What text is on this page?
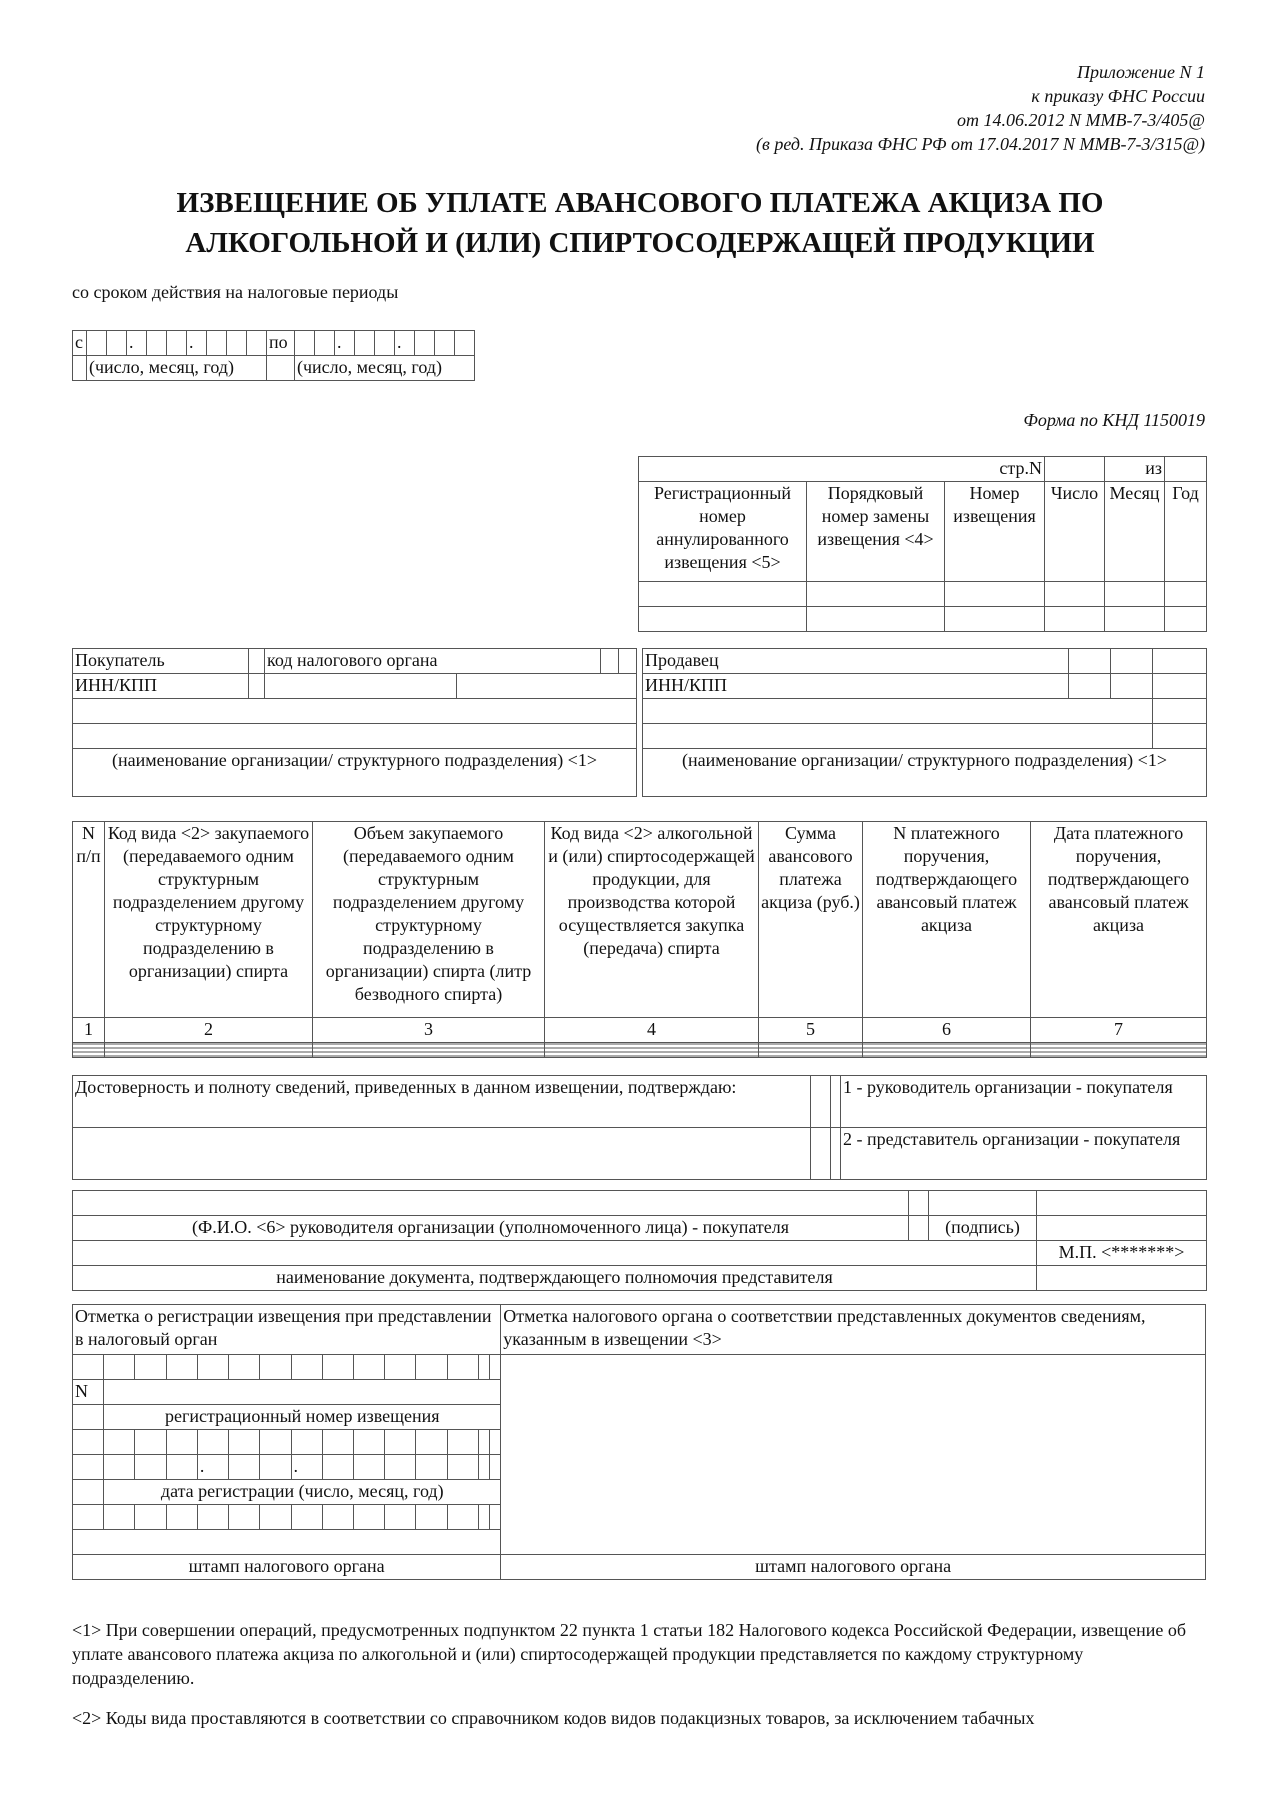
Приложение N 1
к приказу ФНС России
от 14.06.2012 N ММВ-7-3/405@
(в ред. Приказа ФНС РФ от 17.04.2017 N ММВ-7-3/315@)
ИЗВЕЩЕНИЕ ОБ УПЛАТЕ АВАНСОВОГО ПЛАТЕЖА АКЦИЗА ПО
АЛКОГОЛЬНОЙ И (ИЛИ) СПИРТОСОДЕРЖАЩЕЙ ПРОДУКЦИИ
со сроком действия на налоговые периоды
с			.			.				по			.			.			
	(число, месяц, год)										(число, месяц, год)								
Форма по КНД 1150019
стр.N				из	
Регистрационный номер аннулированного извещения <5>	Порядковый номер замены извещения <4>	Номер извещения	Число	Месяц	Год

Покупатель		код налогового органа			
ИНН/КПП					

(наименование организации/ структурного подразделения) <1>					
Продавец			
ИНН/КПП			

(наименование организации/ структурного подразделения) <1>			
N п/п	Код вида <2> закупаемого (передаваемого одним структурным подразделением другому структурному подразделению в организации) спирта	Объем закупаемого (передаваемого одним структурным подразделением другому структурному подразделению в организации) спирта (литр безводного спирта)	Код вида <2> алкогольной и (или) спиртосодержащей продукции, для производства которой осуществляется закупка (передача) спирта	Сумма авансового платежа акциза (руб.)	N платежного поручения, подтверждающего авансовый платеж акциза	Дата платежного поручения, подтверждающего авансовый платеж акциза
1	2	3	4	5	6	7

Достоверность и полноту сведений, приведенных в данном извещении, подтверждаю:			1 - руководитель организации - покупателя
			2 - представитель организации - покупателя

(Ф.И.О. <6> руководителя организации (уполномоченного лица) - покупателя		(подпись)	
			М.П. <*******>
наименование документа, подтверждающего полномочия представителя			
Отметка о регистрации извещения при представлении в налоговый орган															Отметка налогового органа о соответствии представленных документов сведениям, указанным в извещении <3>

N															
	регистрационный номер извещения														

				.			.								
	дата регистрации (число, месяц, год)														

штамп налогового органа															штамп налогового органа
<1> При совершении операций, предусмотренных подпунктом 22 пункта 1 статьи 182 Налогового кодекса Российской Федерации, извещение об уплате авансового платежа акциза по алкогольной и (или) спиртосодержащей продукции представляется по каждому структурному подразделению.
<2> Коды вида проставляются в соответствии со справочником кодов видов подакцизных товаров, за исключением табачных
